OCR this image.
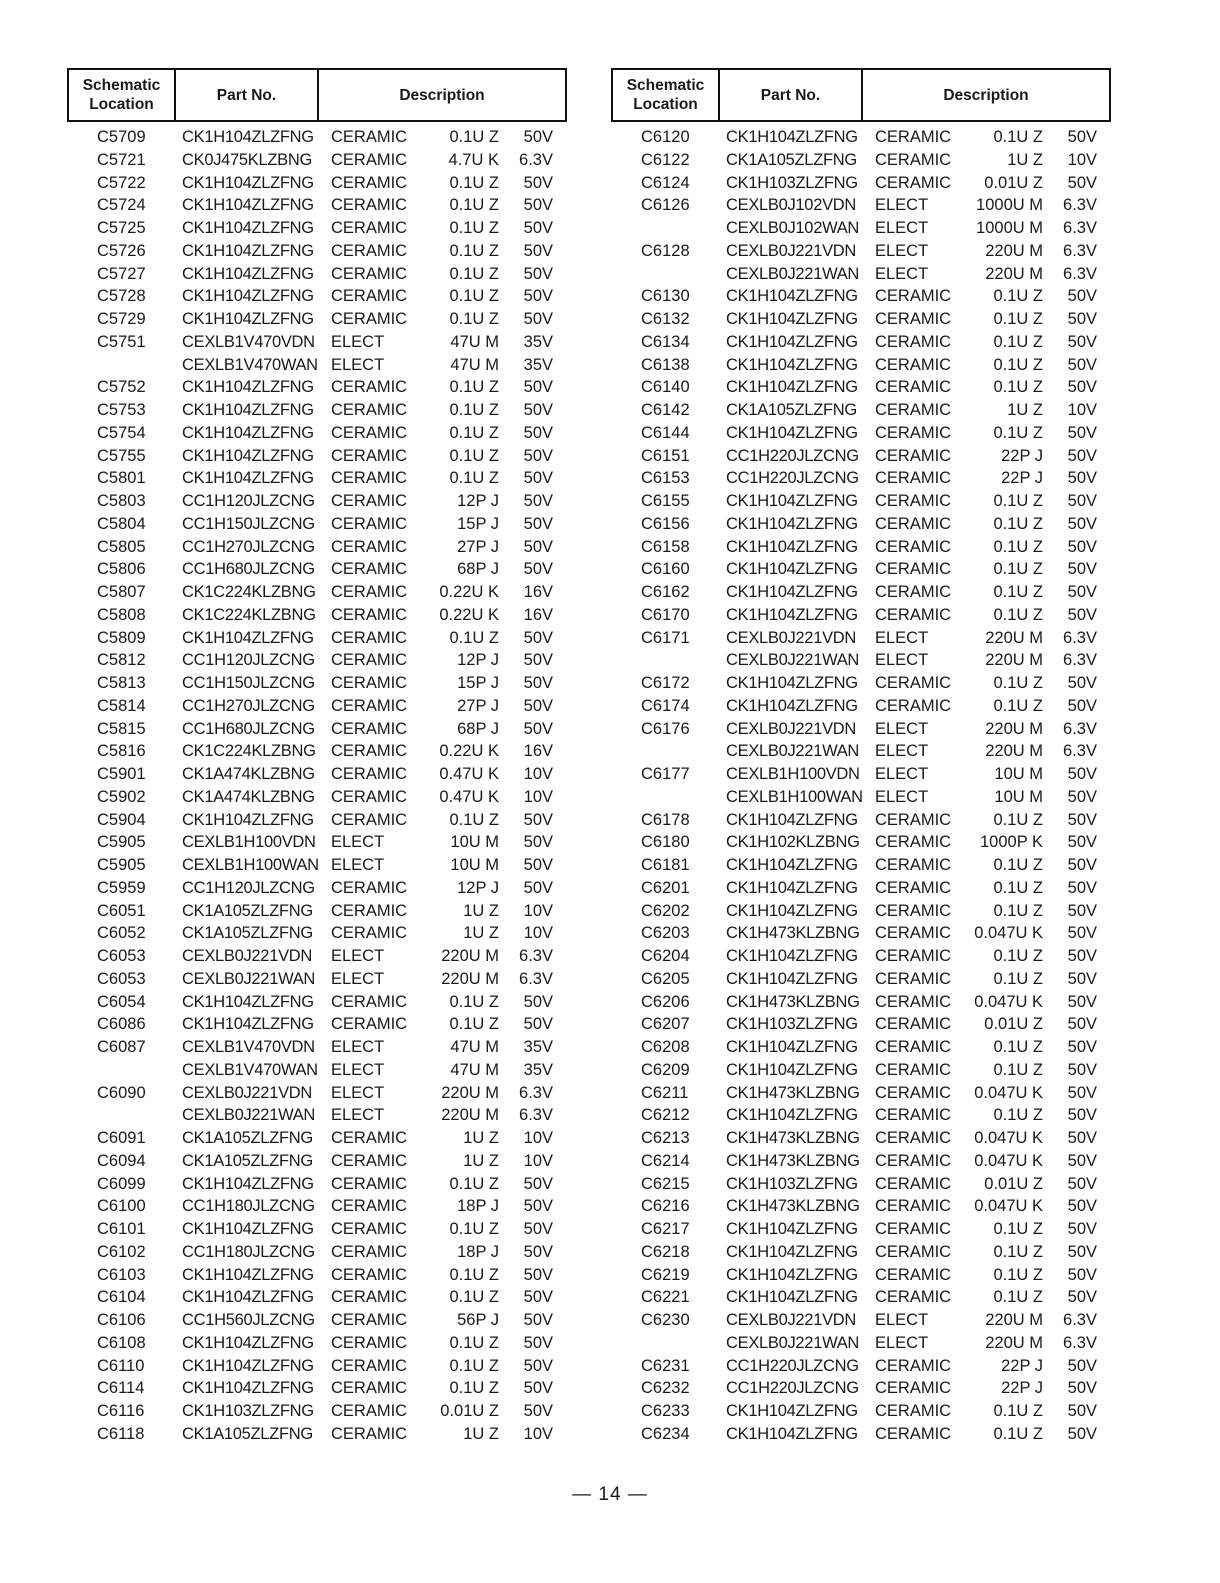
Schematic
Location
Part No.	Description
C5709 CK1H104ZLZFNG CERAMIC	0.1U Z 50V
C5721 CK0J475KLZBNG CERAMIC	4.7U K 6.3V
C5722 CK1H104ZLZFNG CERAMIC	0.1U Z 50V
C5724 CK1H104ZLZFNG CERAMIC	0.1U Z 50V
C5725 CK1H104ZLZFNG CERAMIC	0.1U Z 50V
C5726 CK1H104ZLZFNG CERAMIC	0.1U Z 50V
C5727 CK1H104ZLZFNG CERAMIC	0.1U Z 50V
C5728 CK1H104ZLZFNG CERAMIC	0.1U Z 50V
C5729 CK1H104ZLZFNG CERAMIC	0.1U Z 50V
C5751 CEXLB1V470VDN ELECT	47U M 35V
CEXLB1V470WAN ELECT	47U M 35V
C5752 CK1H104ZLZFNG CERAMIC	0.1U Z 50V
C5753 CK1H104ZLZFNG CERAMIC	0.1U Z 50V
C5754 CK1H104ZLZFNG CERAMIC	0.1U Z 50V
C5755 CK1H104ZLZFNG CERAMIC	0.1U Z 50V
C5801 CK1H104ZLZFNG CERAMIC	0.1U Z 50V
C5803 CC1H120JLZCNG CERAMIC	12P J 50V
C5804 CC1H150JLZCNG CERAMIC	15P J 50V
C5805 CC1H270JLZCNG CERAMIC	27P J 50V
C5806 CC1H680JLZCNG CERAMIC	68P J 50V
C5807 CK1C224KLZBNG CERAMIC 0.22U K 16V
C5808 CK1C224KLZBNG CERAMIC 0.22U K 16V
C5809 CK1H104ZLZFNG CERAMIC	0.1U Z 50V
C5812 CC1H120JLZCNG CERAMIC	12P J 50V
C5813 CC1H150JLZCNG CERAMIC	15P J 50V
C5814 CC1H270JLZCNG CERAMIC	27P J 50V
C5815 CC1H680JLZCNG CERAMIC	68P J 50V
C5816 CK1C224KLZBNG CERAMIC 0.22U K 16V
C5901 CK1A474KLZBNG CERAMIC 0.47U K 10V
C5902 CK1A474KLZBNG CERAMIC 0.47U K 10V
C5904 CK1H104ZLZFNG CERAMIC	0.1U Z 50V
C5905 CEXLB1H100VDN ELECT	10U M 50V
C5905 CEXLB1H100WAN ELECT	10U M 50V
C5959 CC1H120JLZCNG CERAMIC	12P J 50V
C6051 CK1A105ZLZFNG CERAMIC	1U Z 10V
C6052 CK1A105ZLZFNG CERAMIC	1U Z 10V
C6053 CEXLB0J221VDN ELECT	220U M 6.3V
C6053 CEXLB0J221WAN ELECT	220U M 6.3V
C6054 CK1H104ZLZFNG CERAMIC	0.1U Z 50V
C6086 CK1H104ZLZFNG CERAMIC	0.1U Z 50V
C6087 CEXLB1V470VDN ELECT	47U M 35V
CEXLB1V470WAN ELECT	47U M 35V
C6090 CEXLB0J221VDN ELECT	220U M 6.3V
CEXLB0J221WAN ELECT	220U M 6.3V
C6091 CK1A105ZLZFNG CERAMIC	1U Z 10V
C6094 CK1A105ZLZFNG CERAMIC	1U Z 10V
C6099 CK1H104ZLZFNG CERAMIC	0.1U Z 50V
C6100 CC1H180JLZCNG CERAMIC	18P J 50V
C6101 CK1H104ZLZFNG CERAMIC	0.1U Z 50V
C6102 CC1H180JLZCNG CERAMIC	18P J 50V
C6103 CK1H104ZLZFNG CERAMIC	0.1U Z 50V
C6104 CK1H104ZLZFNG CERAMIC	0.1U Z 50V
C6106 CC1H560JLZCNG CERAMIC	56P J 50V
C6108 CK1H104ZLZFNG CERAMIC	0.1U Z 50V
C6110 CK1H104ZLZFNG CERAMIC	0.1U Z 50V
C6114 CK1H104ZLZFNG CERAMIC	0.1U Z 50V
C6116 CK1H103ZLZFNG CERAMIC 0.01U Z 50V
C6118 CK1A105ZLZFNG CERAMIC	1U Z 10V
Schematic
Location
Part No.	Description
C6120 CK1H104ZLZFNG CERAMIC	0.1U Z 50V
C6122 CK1A105ZLZFNG CERAMIC	1U Z 10V
C6124 CK1H103ZLZFNG CERAMIC 0.01U Z 50V
C6126 CEXLB0J102VDN ELECT	1000U M 6.3V
CEXLB0J102WAN ELECT	1000U M 6.3V
C6128 CEXLB0J221VDN ELECT	220U M 6.3V
CEXLB0J221WAN ELECT	220U M 6.3V
C6130 CK1H104ZLZFNG CERAMIC	0.1U Z 50V
C6132 CK1H104ZLZFNG CERAMIC	0.1U Z 50V
C6134 CK1H104ZLZFNG CERAMIC	0.1U Z 50V
C6138 CK1H104ZLZFNG CERAMIC	0.1U Z 50V
C6140 CK1H104ZLZFNG CERAMIC	0.1U Z 50V
C6142 CK1A105ZLZFNG CERAMIC	1U Z 10V
C6144 CK1H104ZLZFNG CERAMIC	0.1U Z 50V
C6151 CC1H220JLZCNG CERAMIC	22P J 50V
C6153 CC1H220JLZCNG CERAMIC	22P J 50V
C6155 CK1H104ZLZFNG CERAMIC	0.1U Z 50V
C6156 CK1H104ZLZFNG CERAMIC	0.1U Z 50V
C6158 CK1H104ZLZFNG CERAMIC	0.1U Z 50V
C6160 CK1H104ZLZFNG CERAMIC	0.1U Z 50V
C6162 CK1H104ZLZFNG CERAMIC	0.1U Z 50V
C6170 CK1H104ZLZFNG CERAMIC	0.1U Z 50V
C6171 CEXLB0J221VDN ELECT	220U M 6.3V
CEXLB0J221WAN ELECT	220U M 6.3V
C6172 CK1H104ZLZFNG CERAMIC	0.1U Z 50V
C6174 CK1H104ZLZFNG CERAMIC	0.1U Z 50V
C6176 CEXLB0J221VDN ELECT	220U M 6.3V
CEXLB0J221WAN ELECT	220U M 6.3V
C6177 CEXLB1H100VDN ELECT	10U M 50V
CEXLB1H100WAN ELECT	10U M 50V
C6178 CK1H104ZLZFNG CERAMIC	0.1U Z 50V
C6180 CK1H102KLZBNG CERAMIC 1000P K 50V
C6181 CK1H104ZLZFNG CERAMIC	0.1U Z 50V
C6201 CK1H104ZLZFNG CERAMIC	0.1U Z 50V
C6202 CK1H104ZLZFNG CERAMIC	0.1U Z 50V
C6203 CK1H473KLZBNG CERAMIC 0.047U K 50V
C6204 CK1H104ZLZFNG CERAMIC	0.1U Z 50V
C6205 CK1H104ZLZFNG CERAMIC	0.1U Z 50V
C6206 CK1H473KLZBNG CERAMIC 0.047U K 50V
C6207 CK1H103ZLZFNG CERAMIC 0.01U Z 50V
C6208 CK1H104ZLZFNG CERAMIC	0.1U Z 50V
C6209 CK1H104ZLZFNG CERAMIC	0.1U Z 50V
C6211 CK1H473KLZBNG CERAMIC 0.047U K 50V
C6212 CK1H104ZLZFNG CERAMIC	0.1U Z 50V
C6213 CK1H473KLZBNG CERAMIC 0.047U K 50V
C6214 CK1H473KLZBNG CERAMIC 0.047U K 50V
C6215 CK1H103ZLZFNG CERAMIC 0.01U Z 50V
C6216 CK1H473KLZBNG CERAMIC 0.047U K 50V
C6217 CK1H104ZLZFNG CERAMIC	0.1U Z 50V
C6218 CK1H104ZLZFNG CERAMIC	0.1U Z 50V
C6219 CK1H104ZLZFNG CERAMIC	0.1U Z 50V
C6221 CK1H104ZLZFNG CERAMIC	0.1U Z 50V
C6230 CEXLB0J221VDN ELECT	220U M 6.3V
CEXLB0J221WAN ELECT	220U M 6.3V
C6231 CC1H220JLZCNG CERAMIC	22P J 50V
C6232 CC1H220JLZCNG CERAMIC	22P J 50V
C6233 CK1H104ZLZFNG CERAMIC	0.1U Z 50V
C6234 CK1H104ZLZFNG CERAMIC	0.1U Z 50V
— 14 —
